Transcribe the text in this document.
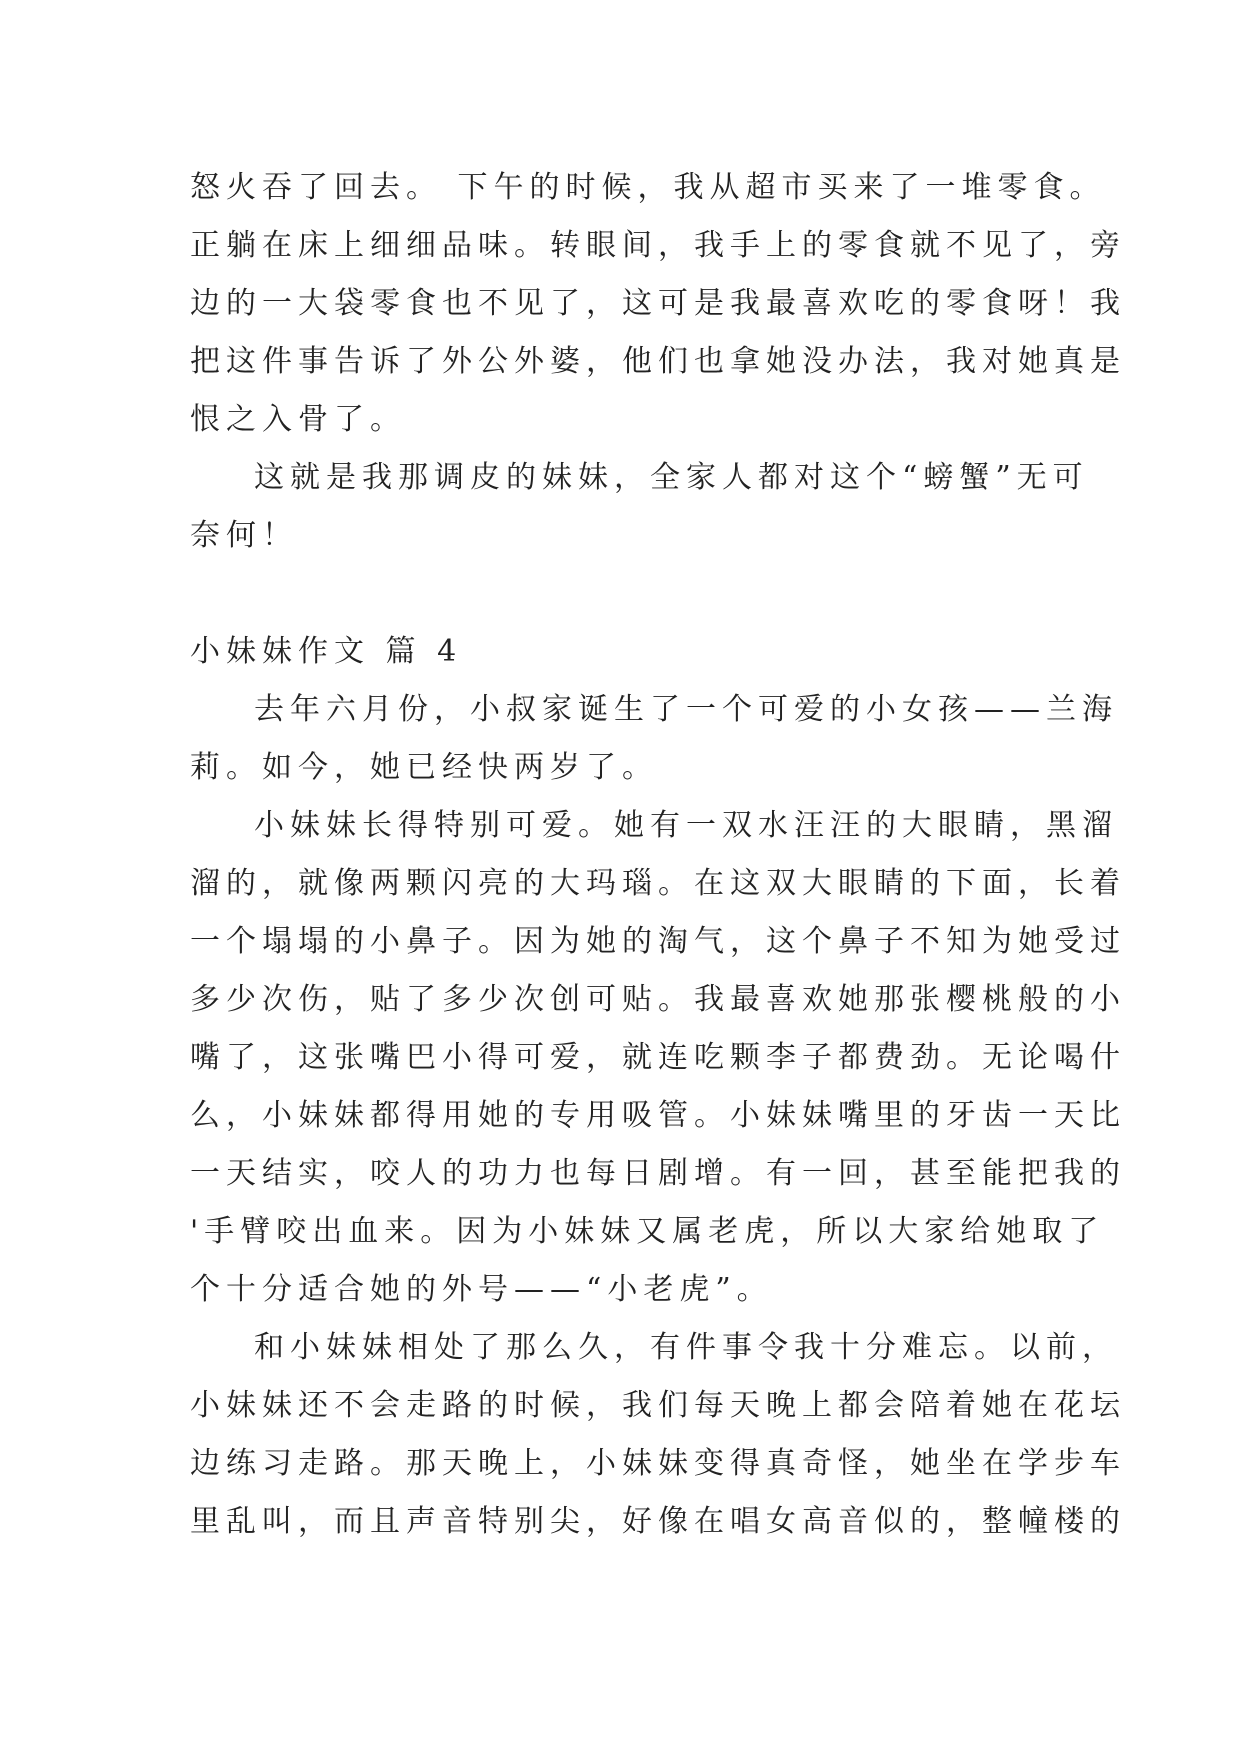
怒火吞了回去。 下午的时候，我从超市买来了一堆零食。
正躺在床上细细品味。转眼间，我手上的零食就不见了，旁
边的一大袋零食也不见了，这可是我最喜欢吃的零食呀！我
把这件事告诉了外公外婆，他们也拿她没办法，我对她真是
恨之入骨了。
这就是我那调皮的妹妹，全家人都对这个“螃蟹”无可
奈何！
小妹妹作文 篇 4
去年六月份，小叔家诞生了一个可爱的小女孩——兰海
莉。如今，她已经快两岁了。
小妹妹长得特别可爱。她有一双水汪汪的大眼睛，黑溜
溜的，就像两颗闪亮的大玛瑙。在这双大眼睛的下面，长着
一个塌塌的小鼻子。因为她的淘气，这个鼻子不知为她受过
多少次伤，贴了多少次创可贴。我最喜欢她那张樱桃般的小
嘴了，这张嘴巴小得可爱，就连吃颗李子都费劲。无论喝什
么，小妹妹都得用她的专用吸管。小妹妹嘴里的牙齿一天比
一天结实，咬人的功力也每日剧增。有一回，甚至能把我的
'手臂咬出血来。因为小妹妹又属老虎，所以大家给她取了
个十分适合她的外号——“小老虎”。
和小妹妹相处了那么久，有件事令我十分难忘。以前，
小妹妹还不会走路的时候，我们每天晚上都会陪着她在花坛
边练习走路。那天晚上，小妹妹变得真奇怪，她坐在学步车
里乱叫，而且声音特别尖，好像在唱女高音似的，整幢楼的
